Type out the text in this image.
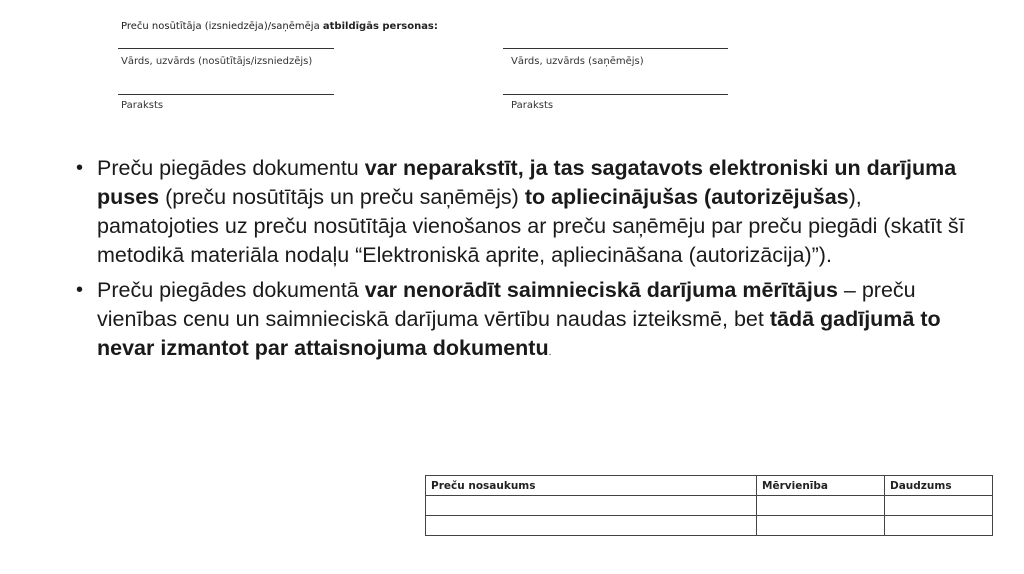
Preču nosūtītāja (izsniedzēja)/saņēmēja atbildīgās personas:
Vārds, uzvārds (nosūtītājs/izsniedzējs)
Paraksts
Vārds, uzvārds (saņēmējs)
Paraksts
• Preču piegādes dokumentu var neparakstīt, ja tas sagatavots elektroniski un darījuma puses (preču nosūtītājs un preču saņēmējs) to apliecinājušas (autorizējušas), pamatojoties uz preču nosūtītāja vienošanos ar preču saņēmēju par preču piegādi (skatīt šī metodikā materiāla nodaļu “Elektroniskā aprite, apliecināšana (autorizācija)”).
• Preču piegādes dokumentā var nenorādīt saimnieciskā darījuma mērītājus – preču vienības cenu un saimnieciskā darījuma vērtību naudas izteiksmē, bet tādā gadījumā to nevar izmantot par attaisnojuma dokumentu.
Preču nosaukums	Mērvienība	Daudzums
